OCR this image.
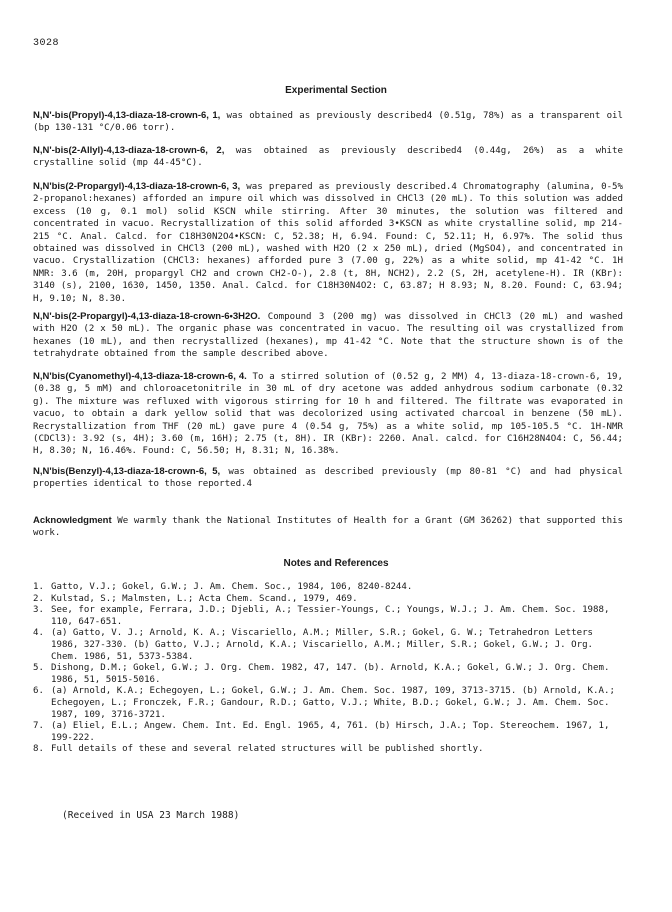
3028
Experimental Section

N,N'-bis(Propyl)-4,13-diaza-18-crown-6, 1, was obtained as previously described4 (0.51g, 78%) as a transparent oil (bp 130-131 °C/0.06 torr).

N,N'-bis(2-Allyl)-4,13-diaza-18-crown-6, 2, was obtained as previously described4 (0.44g, 26%) as a white crystalline solid (mp 44-45°C).

N,N'bis(2-Propargyl)-4,13-diaza-18-crown-6, 3, was prepared as previously described.4 Chromatography (alumina, 0-5% 2-propanol:hexanes) afforded an impure oil which was dissolved in CHCl3 (20 mL). To this solution was added excess (10 g, 0.1 mol) solid KSCN while stirring. After 30 minutes, the solution was filtered and concentrated in vacuo. Recrystallization of this solid afforded 3•KSCN as white crystalline solid, mp 214-215 °C. Anal. Calcd. for C18H30N2O4•KSCN: C, 52.38; H, 6.94. Found: C, 52.11; H, 6.97%. The solid thus obtained was dissolved in CHCl3 (200 mL), washed with H2O (2 x 250 mL), dried (MgSO4), and concentrated in vacuo. Crystallization (CHCl3: hexanes) afforded pure 3 (7.00 g, 22%) as a white solid, mp 41-42 °C. 1H NMR: 3.6 (m, 20H, propargyl CH2 and crown CH2-O-), 2.8 (t, 8H, NCH2), 2.2 (S, 2H, acetylene-H). IR (KBr): 3140 (s), 2100, 1630, 1450, 1350. Anal. Calcd. for C18H30N4O2: C, 63.87; H 8.93; N, 8.20. Found: C, 63.94; H, 9.10; N, 8.30.

N,N'-bis(2-Propargyl)-4,13-diaza-18-crown-6•3H2O. Compound 3 (200 mg) was dissolved in CHCl3 (20 mL) and washed with H2O (2 x 50 mL). The organic phase was concentrated in vacuo. The resulting oil was crystallized from hexanes (10 mL), and then recrystallized (hexanes), mp 41-42 °C. Note that the structure shown is of the tetrahydrate obtained from the sample described above.

N,N'bis(Cyanomethyl)-4,13-diaza-18-crown-6, 4. To a stirred solution of (0.52 g, 2 MM) 4, 13-diaza-18-crown-6, 19, (0.38 g, 5 mM) and chloroacetonitrile in 30 mL of dry acetone was added anhydrous sodium carbonate (0.32 g). The mixture was refluxed with vigorous stirring for 10 h and filtered. The filtrate was evaporated in vacuo, to obtain a dark yellow solid that was decolorized using activated charcoal in benzene (50 mL). Recrystallization from THF (20 mL) gave pure 4 (0.54 g, 75%) as a white solid, mp 105-105.5 °C. 1H-NMR (CDCl3): 3.92 (s, 4H); 3.60 (m, 16H); 2.75 (t, 8H). IR (KBr): 2260. Anal. calcd. for C16H28N4O4: C, 56.44; H, 8.30; N, 16.46%. Found: C, 56.50; H, 8.31; N, 16.38%.

N,N'bis(Benzyl)-4,13-diaza-18-crown-6, 5, was obtained as described previously (mp 80-81 °C) and had physical properties identical to those reported.4

Acknowledgment We warmly thank the National Institutes of Health for a Grant (GM 36262) that supported this work.

Notes and References
1. Gatto, V.J.; Gokel, G.W.; J. Am. Chem. Soc., 1984, 106, 8240-8244.
2. Kulstad, S.; Malmsten, L.; Acta Chem. Scand., 1979, 469.
3. See, for example, Ferrara, J.D.; Djebli, A.; Tessier-Youngs, C.; Youngs, W.J.; J. Am. Chem. Soc. 1988, 110, 647-651.
4. (a) Gatto, V. J.; Arnold, K. A.; Viscariello, A.M.; Miller, S.R.; Gokel, G. W.; Tetrahedron Letters 1986, 327-330. (b) Gatto, V.J.; Arnold, K.A.; Viscariello, A.M.; Miller, S.R.; Gokel, G.W.; J. Org. Chem. 1986, 51, 5373-5384.
5. Dishong, D.M.; Gokel, G.W.; J. Org. Chem. 1982, 47, 147. (b). Arnold, K.A.; Gokel, G.W.; J. Org. Chem. 1986, 51, 5015-5016.
6. (a) Arnold, K.A.; Echegoyen, L.; Gokel, G.W.; J. Am. Chem. Soc. 1987, 109, 3713-3715. (b) Arnold, K.A.; Echegoyen, L.; Fronczek, F.R.; Gandour, R.D.; Gatto, V.J.; White, B.D.; Gokel, G.W.; J. Am. Chem. Soc. 1987, 109, 3716-3721.
7. (a) Eliel, E.L.; Angew. Chem. Int. Ed. Engl. 1965, 4, 761. (b) Hirsch, J.A.; Top. Stereochem. 1967, 1, 199-222.
8. Full details of these and several related structures will be published shortly.
(Received in USA 23 March 1988)
